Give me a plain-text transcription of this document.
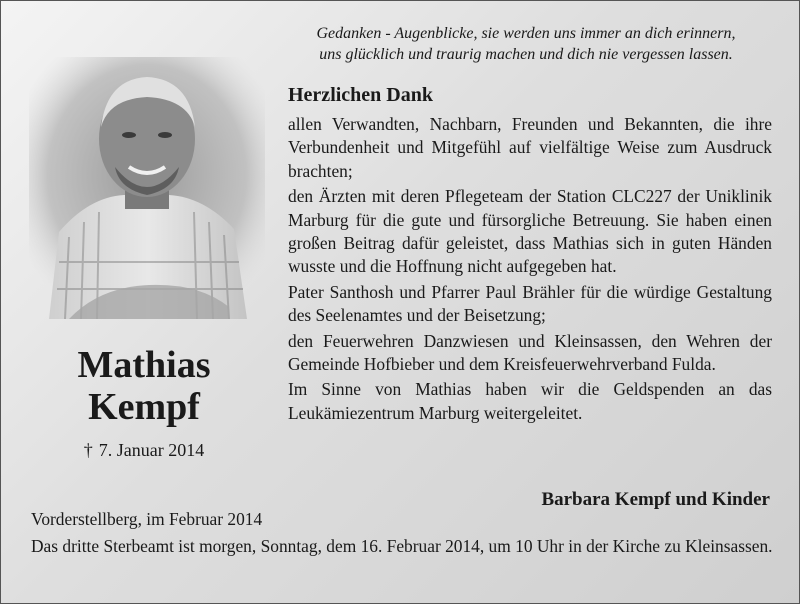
Gedanken - Augenblicke, sie werden uns immer an dich erinnern,
uns glücklich und traurig machen und dich nie vergessen lassen.
Mathias
Kempf
† 7. Januar 2014
Herzlichen Dank

allen Verwandten, Nachbarn, Freunden und Bekannten, die ihre Verbundenheit und Mitgefühl auf vielfältige Weise zum Ausdruck brachten;

den Ärzten mit deren Pflegeteam der Station CLC227 der Uniklinik Marburg für die gute und fürsorgliche Betreuung. Sie haben einen großen Beitrag dafür geleistet, dass Mathias sich in guten Händen wusste und die Hoffnung nicht aufgegeben hat.

Pater Santhosh und Pfarrer Paul Brähler für die würdige Gestaltung des Seelenamtes und der Beisetzung;

den Feuerwehren Danzwiesen und Kleinsassen, den Wehren der Gemeinde Hofbieber und dem Kreisfeuerwehrverband Fulda.

Im Sinne von Mathias haben wir die Geldspenden an das Leukämiezentrum Marburg weitergeleitet.

Barbara Kempf und Kinder
Vorderstellberg, im Februar 2014
Das dritte Sterbeamt ist morgen, Sonntag, dem 16. Februar 2014, um 10 Uhr in der Kirche zu Kleinsassen.
